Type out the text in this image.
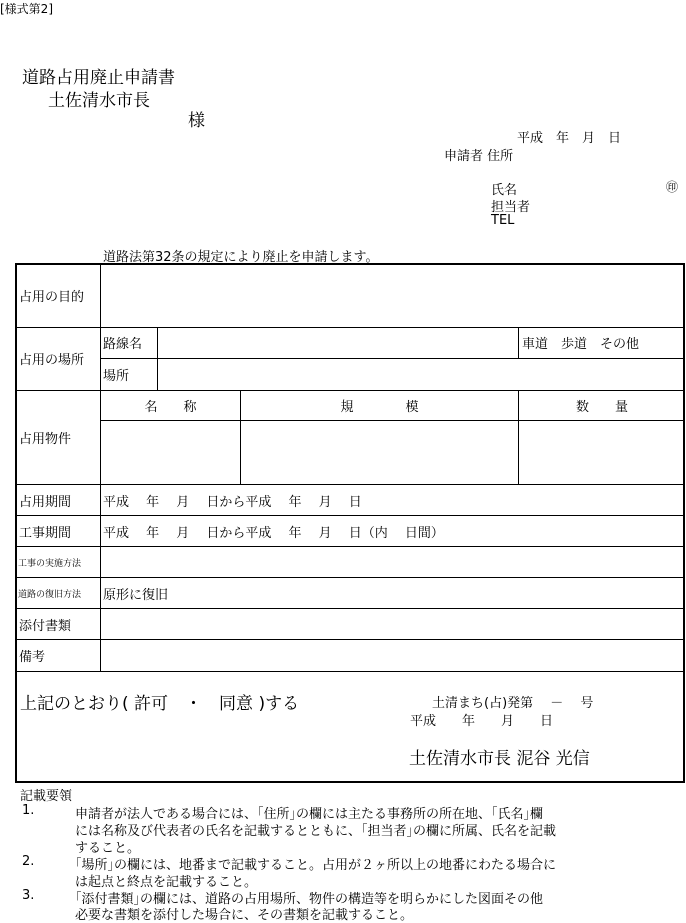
[様式第2]
道路占用廃止申請書
土佐清水市長
様
平成　年　月　日
申請者 住所
氏名	㊞
担当者
TEL
道路法第32条の規定により廃止を申請します。
占用の目的
占用の場所
路線名	車道　歩道　その他
場所
占用物件
名　　称	規　　　　模	数　　量
占用期間 平成　 年　 月　 日から平成　 年　 月　 日
工事期間 平成　 年　 月　 日から平成　 年　 月　 日（内　 日間）
工事の実施方法
道路の復旧方法 原形に復旧
添付書類
備考
上記のとおり( 許可　・　同意 )する	土清まち(占)発第　 －　 号
平成　　年　　月　　日
土佐清水市長 泥谷 光信
記載要領
1.	申請者が法人である場合には、｢住所｣の欄には主たる事務所の所在地、｢氏名｣欄
には名称及び代表者の氏名を記載するとともに、｢担当者｣の欄に所属、氏名を記載
すること。
2.	｢場所｣の欄には、地番まで記載すること。占用が２ヶ所以上の地番にわたる場合に
は起点と終点を記載すること。
3.	｢添付書類｣の欄には、道路の占用場所、物件の構造等を明らかにした図面その他
必要な書類を添付した場合に、その書類を記載すること。
